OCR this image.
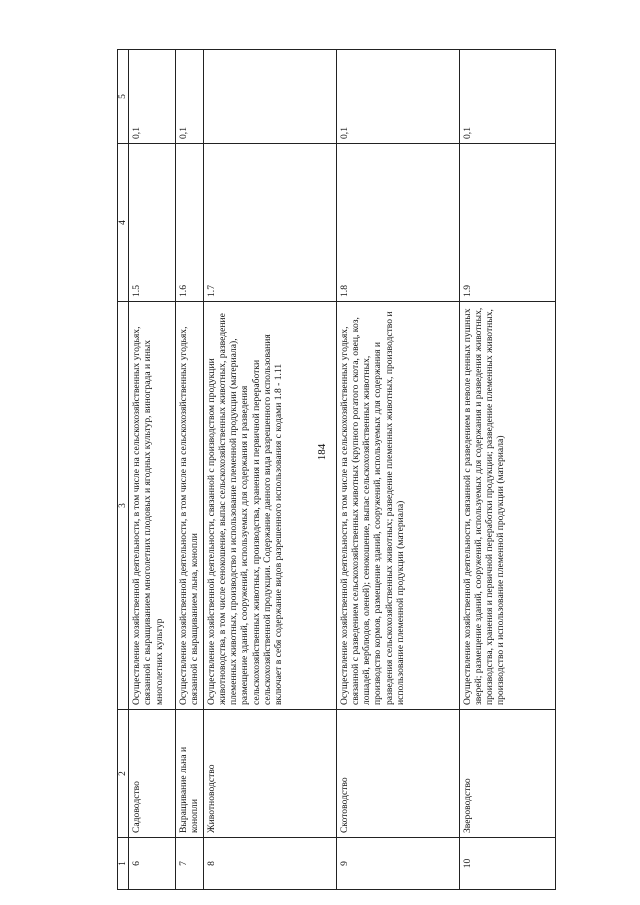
184
1	2	3	4	5
6	Садоводство	Осуществление хозяйственной деятельности, в том числе на сельскохозяйственных угодьях, связанной с выращиванием многолетних плодовых и ягодных культур, винограда и иных многолетних культур	1.5	0,1
7	Выращивание льна и конопли	Осуществление хозяйственной деятельности, в том числе на сельскохозяйственных угодьях, связанной с выращиванием льна, конопли	1.6	0,1
8	Животноводство	Осуществление хозяйственной деятельности, связанной с производством продукции животноводства, в том числе сенокошение, выпас сельскохозяйственных животных, разведение племенных животных, производство и использование племенной продукции (материала), размещение зданий, сооружений, используемых для содержания и разведения сельскохозяйственных животных, производства, хранения и первичной переработки сельскохозяйственной продукции. Содержание данного вида разрешенного использования включает в себя содержание видов разрешенного использования с кодами 1.8 - 1.11	1.7	
9	Скотоводство	Осуществление хозяйственной деятельности, в том числе на сельскохозяйственных угодьях, связанной с разведением сельскохозяйственных животных (крупного рогатого скота, овец, коз, лошадей, верблюдов, оленей); сенокошение, выпас сельскохозяйственных животных, производство кормов, размещение зданий, сооружений, используемых для содержания и разведения сельскохозяйственных животных; разведение племенных животных, производство и использование племенной продукции (материала)	1.8	0,1
10	Звероводство	Осуществление хозяйственной деятельности, связанной с разведением в неволе ценных пушных зверей; размещение зданий, сооружений, используемых для содержания и разведения животных, производства, хранения и первичной переработки продукции; разведение племенных животных, производство и использование племенной продукции (материала)	1.9	0,1
